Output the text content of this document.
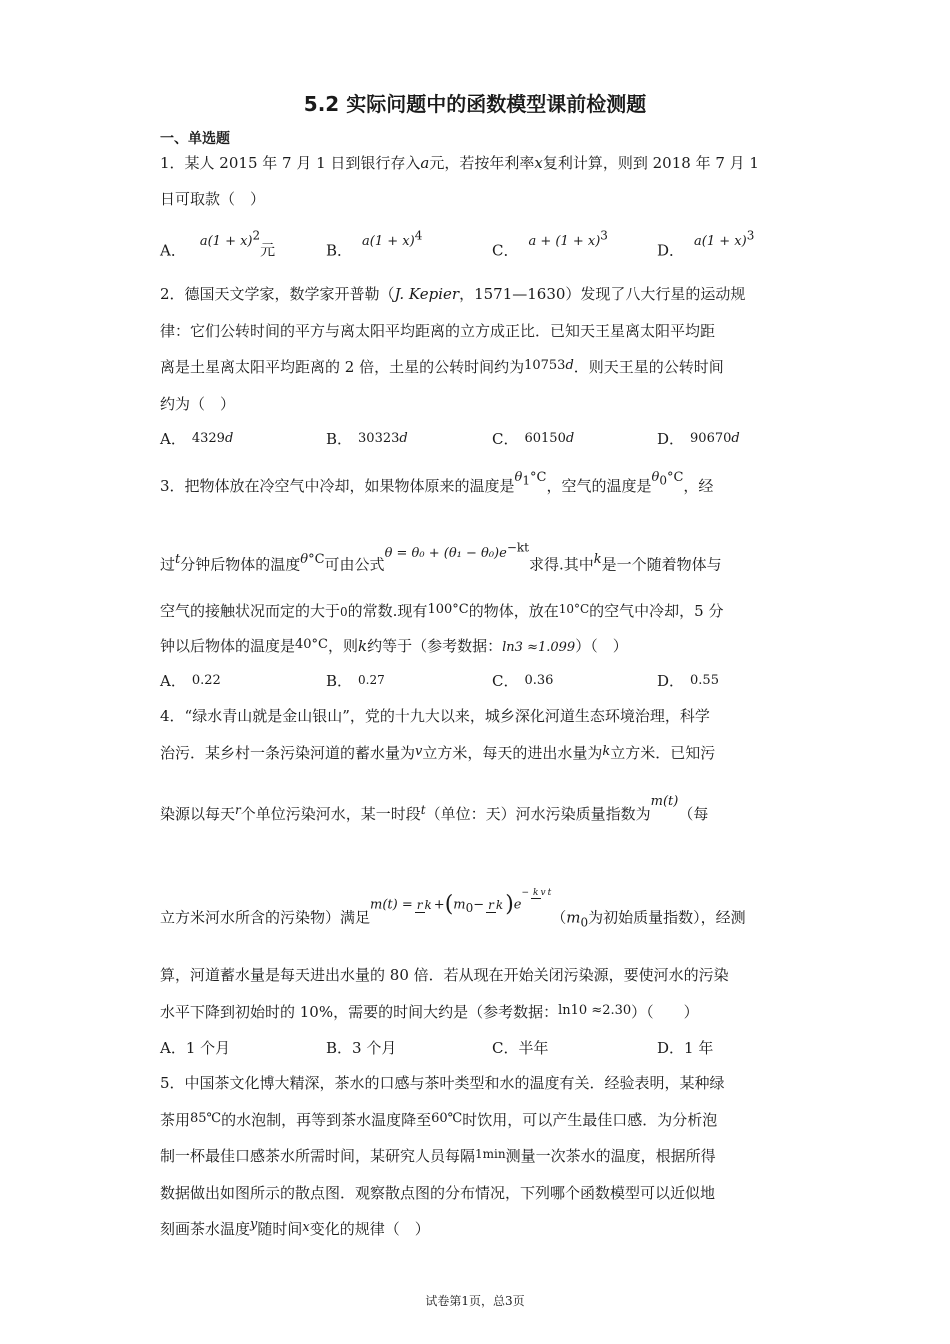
5.2 实际问题中的函数模型课前检测题
一、单选题
1．某人 2015 年 7 月 1 日到银行存入a元，若按年利率x复利计算，则到 2018 年 7 月 1
日可取款（　）
A． $a(1 + x)^2$元	B． $a(1 + x)^4$
C． $a + (1 + x)^3$
D． $a(1 + x)^3$
2．德国天文学家，数学家开普勒（J. Kepier，1571—1630）发现了八大行星的运动规
律：它们公转时间的平方与离太阳平均距离的立方成正比．已知天王星离太阳平均距
离是土星离太阳平均距离的 2 倍，土星的公转时间约为10753d．则天王星的公转时间
约为（　）
A． 4329d	B． 30323d	C． 60150d	D． 90670d
3．把物体放在冷空气中冷却，如果物体原来的温度是$\theta_1^\circ C$，空气的温度是$\theta_0^\circ C$，经
过t分钟后物体的温度θ°C可由公式$\theta = \theta_0 + (\theta_1 - \theta_0)e^{-kt}$求得.其中k是一个随着物体与
空气的接触状况而定的大于0的常数.现有100°C的物体，放在$^{10^\circ C}$的空气中冷却，5 分
钟以后物体的温度是40°C，则k约等于（参考数据：ln3 ≈1.099）（　）
A． 0.22	B． 0.27	C． 0.36	D． 0.55
4．“绿水青山就是金山银山”，党的十九大以来，城乡深化河道生态环境治理，科学
治污．某乡村一条污染河道的蓄水量为v立方米，每天的进出水量为k立方米．已知污
染源以每天$^r$个单位污染河水，某一时段$^t$（单位：天）河水污染质量指数为m(t)（每
立方米河水所含的污染物）满足m(t) = r $k +(m_0- r$ $k)e^{- k v t}(m_0$为初始质量指数），经测
算，河道蓄水量是每天进出水量的 80 倍．若从现在开始关闭污染源，要使河水的污染
水平下降到初始时的 10%，需要的时间大约是（参考数据：ln10 ≈2.30）（　　）
A．1 个月	B．3 个月	C．半年	D．1 年
5．中国茶文化博大精深，茶水的口感与茶叶类型和水的温度有关．经验表明，某种绿
茶用85℃的水泡制，再等到茶水温度降至60℃时饮用，可以产生最佳口感．为分析泡
制一杯最佳口感茶水所需时间，某研究人员每隔$^{1min}$测量一次茶水的温度，根据所得
数据做出如图所示的散点图．观察散点图的分布情况，下列哪个函数模型可以近似地
刻画茶水温度y随时间x变化的规律（　）
试卷第1页，总3页
